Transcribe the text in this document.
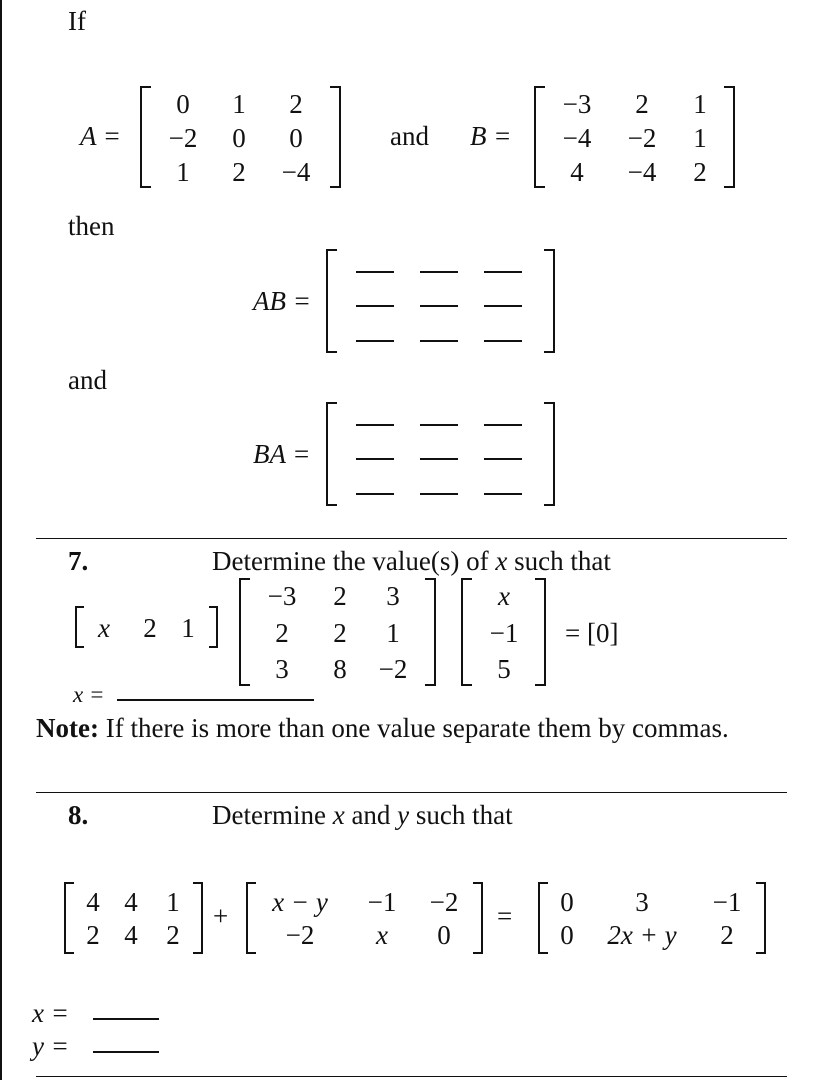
If
A =
0 1 2
−2 0 0
1 2 −4
and B =
−3 2 1
−4 −2 1
4 −4 2
then
AB =
and
BA =
7.	Determine the value(s) of x such that
x 2 1
−3 2 3
2 2 1
3 8 −2
x
−1
5
= [0]
x =
Note: If there is more than one value separate them by commas.
8.	Determine x and y such that
4 4 1
2 4 2
+ x − y −1 −2
−2 x 0
= 0 3 −1
0 2x + y 2
x =
y =
